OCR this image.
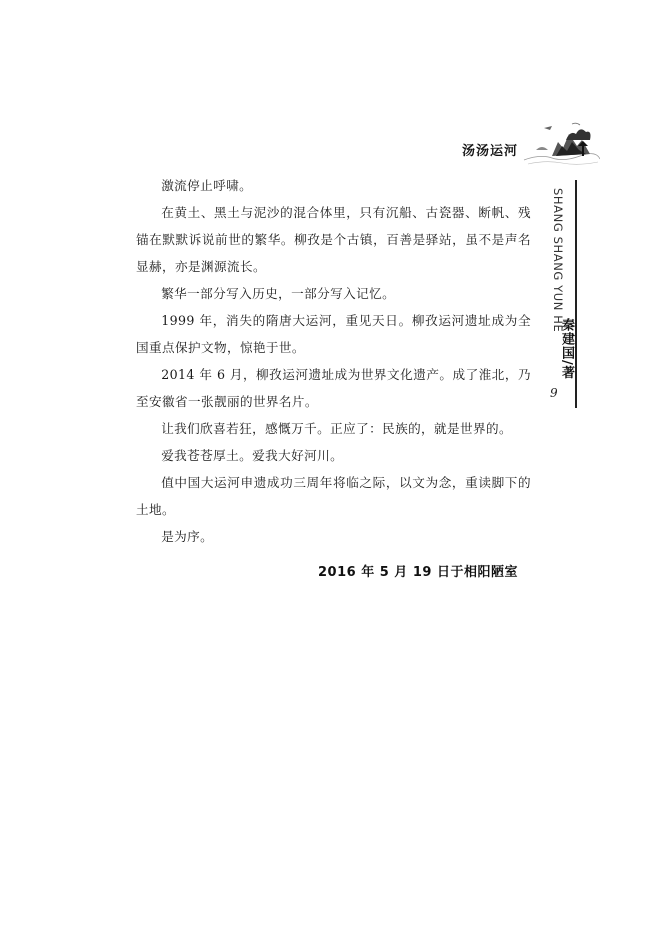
汤汤运河
SHANG SHANG YUN HE
秦建国/著
9

激流停止呼啸。

在黄土、黑土与泥沙的混合体里，只有沉船、古瓷器、断帆、残锚在默默诉说前世的繁华。柳孜是个古镇，百善是驿站，虽不是声名显赫，亦是渊源流长。

繁华一部分写入历史，一部分写入记忆。

1999 年，消失的隋唐大运河，重见天日。柳孜运河遗址成为全国重点保护文物，惊艳于世。

2014 年 6 月，柳孜运河遗址成为世界文化遗产。成了淮北，乃至安徽省一张靓丽的世界名片。

让我们欣喜若狂，感慨万千。正应了：民族的，就是世界的。

爱我苍苍厚土。爱我大好河川。

值中国大运河申遗成功三周年将临之际，以文为念，重读脚下的土地。

是为序。

2016 年 5 月 19 日于相阳陋室
